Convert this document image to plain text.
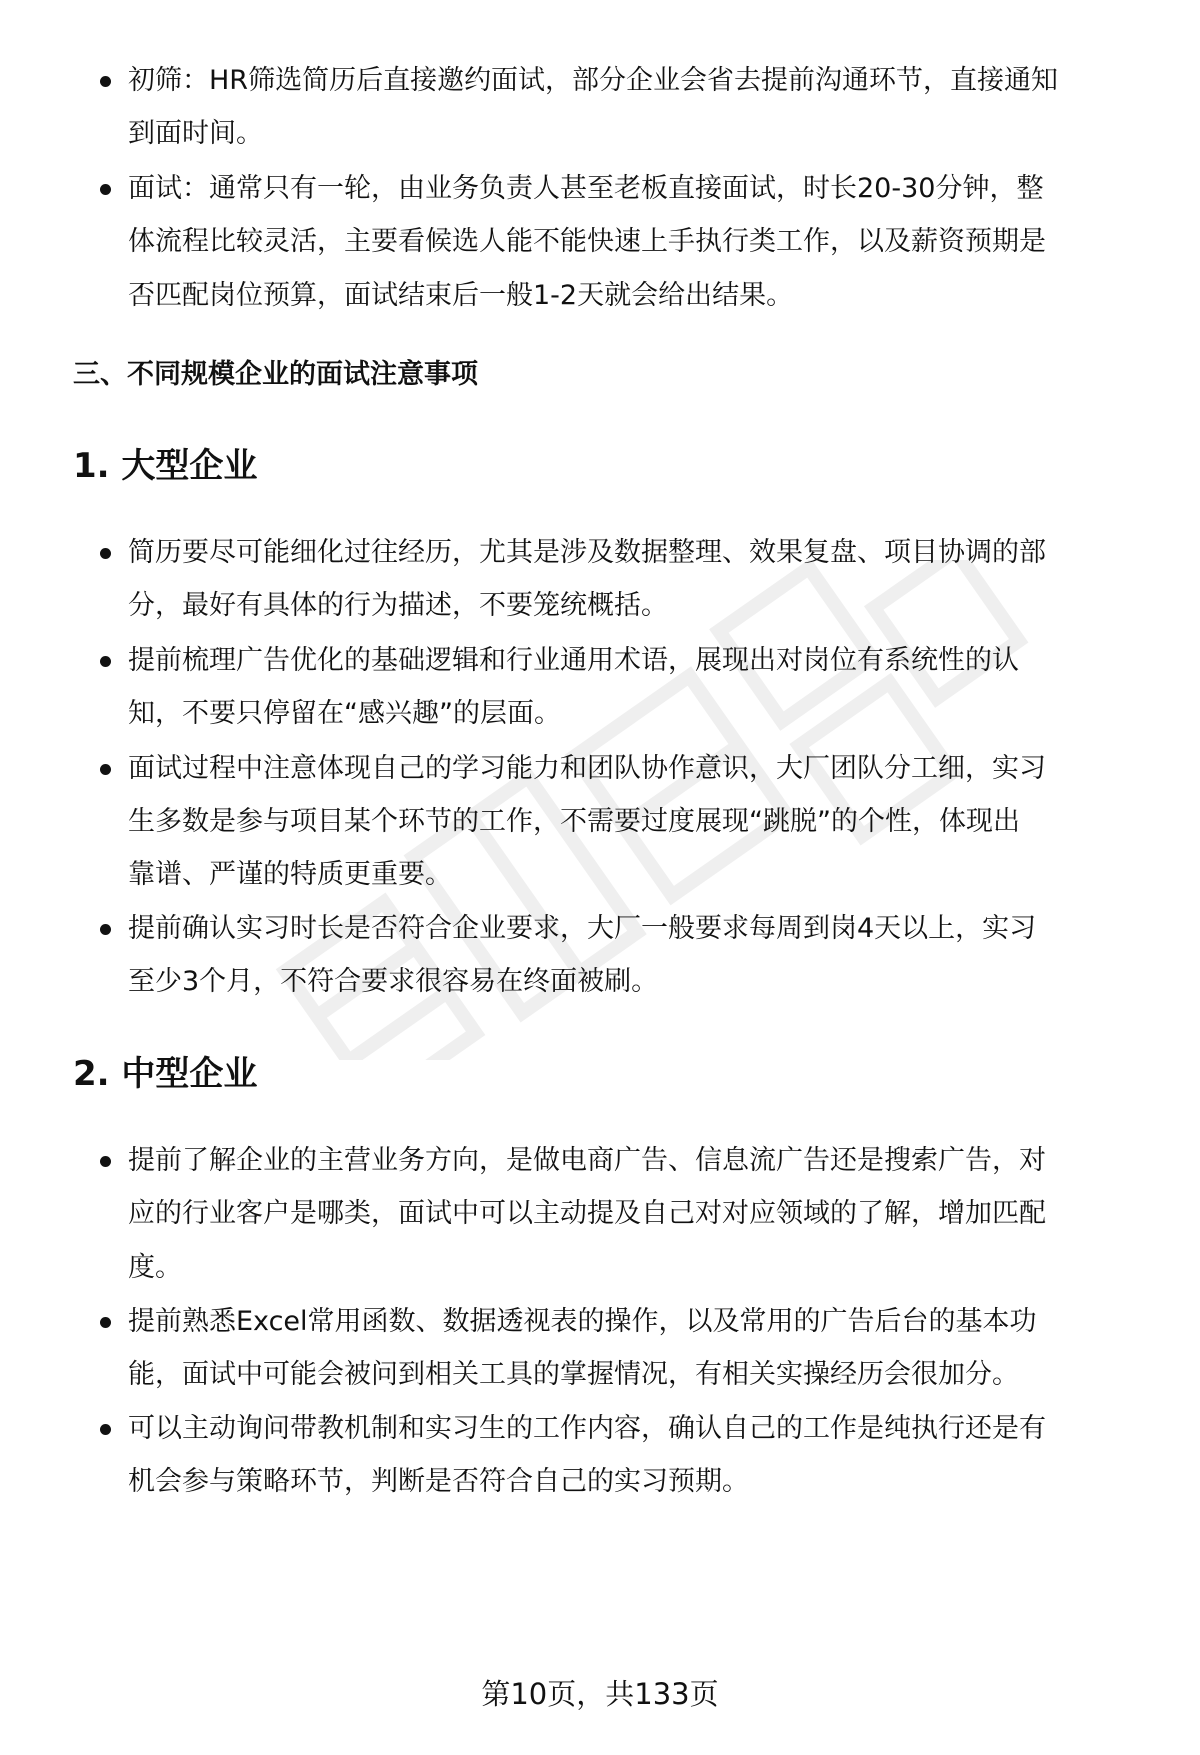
初筛：HR筛选简历后直接邀约面试，部分企业会省去提前沟通环节，直接通知
到面时间。
面试：通常只有一轮，由业务负责人甚至老板直接面试，时长20-30分钟，整
体流程比较灵活，主要看候选人能不能快速上手执行类工作，以及薪资预期是
否匹配岗位预算，面试结束后一般1-2天就会给出结果。
三、不同规模企业的面试注意事项
1. 大型企业
简历要尽可能细化过往经历，尤其是涉及数据整理、效果复盘、项目协调的部
分，最好有具体的行为描述，不要笼统概括。
提前梳理广告优化的基础逻辑和行业通用术语，展现出对岗位有系统性的认
知，不要只停留在“感兴趣”的层面。
面试过程中注意体现自己的学习能力和团队协作意识，大厂团队分工细，实习
生多数是参与项目某个环节的工作，不需要过度展现“跳脱”的个性，体现出
靠谱、严谨的特质更重要。
提前确认实习时长是否符合企业要求，大厂一般要求每周到岗4天以上，实习
至少3个月，不符合要求很容易在终面被刷。
2. 中型企业
提前了解企业的主营业务方向，是做电商广告、信息流广告还是搜索广告，对
应的行业客户是哪类，面试中可以主动提及自己对对应领域的了解，增加匹配
度。
提前熟悉Excel常用函数、数据透视表的操作，以及常用的广告后台的基本功
能，面试中可能会被问到相关工具的掌握情况，有相关实操经历会很加分。
可以主动询问带教机制和实习生的工作内容，确认自己的工作是纯执行还是有
机会参与策略环节，判断是否符合自己的实习预期。
第10页，共133页
